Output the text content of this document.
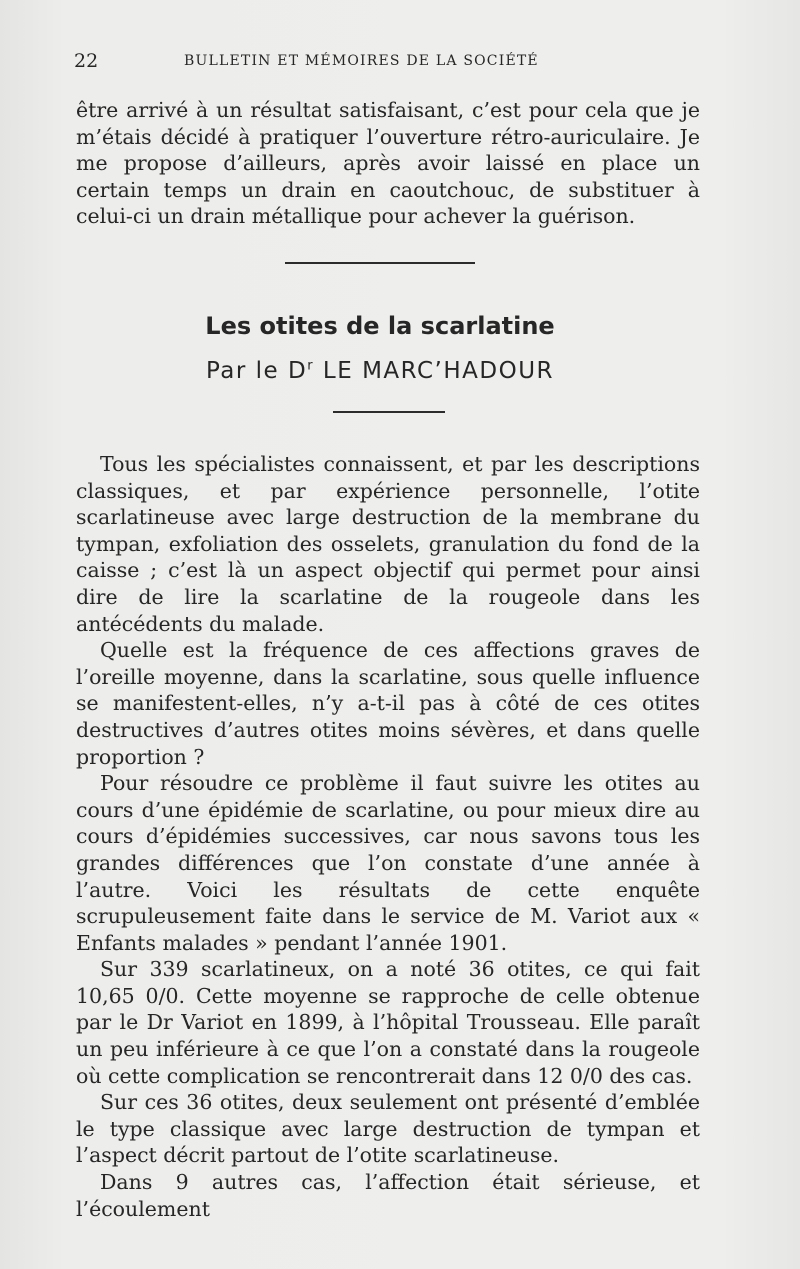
22	BULLETIN ET MÉMOIRES DE LA SOCIÉTÉ

être arrivé à un résultat satisfaisant, c’est pour cela que je m’étais décidé à pratiquer l’ouverture rétro-auriculaire. Je me propose d’ailleurs, après avoir laissé en place un certain temps un drain en caoutchouc, de substituer à celui-ci un drain métallique pour achever la guérison.

Les otites de la scarlatine
Par le $D^r$ LE MARC’HADOUR

Tous les spécialistes connaissent, et par les descriptions classiques, et par expérience personnelle, l’otite scarlatineuse avec large destruction de la membrane du tympan, exfoliation des osselets, granulation du fond de la caisse ; c’est là un aspect objectif qui permet pour ainsi dire de lire la scarlatine de la rougeole dans les antécédents du malade.

Quelle est la fréquence de ces affections graves de l’oreille moyenne, dans la scarlatine, sous quelle influence se manifestent-elles, n’y a-t-il pas à côté de ces otites destructives d’autres otites moins sévères, et dans quelle proportion ?

Pour résoudre ce problème il faut suivre les otites au cours d’une épidémie de scarlatine, ou pour mieux dire au cours d’épidémies successives, car nous savons tous les grandes différences que l’on constate d’une année à l’autre. Voici les résultats de cette enquête scrupuleusement faite dans le service de M. Variot aux « Enfants malades » pendant l’année 1901.

Sur 339 scarlatineux, on a noté 36 otites, ce qui fait 10,65 0/0. Cette moyenne se rapproche de celle obtenue par le Dr Variot en 1899, à l’hôpital Trousseau. Elle paraît un peu inférieure à ce que l’on a constaté dans la rougeole où cette complication se rencontrerait dans 12 0/0 des cas.

Sur ces 36 otites, deux seulement ont présenté d’emblée le type classique avec large destruction de tympan et l’aspect décrit partout de l’otite scarlatineuse.

Dans 9 autres cas, l’affection était sérieuse, et l’écoulement
